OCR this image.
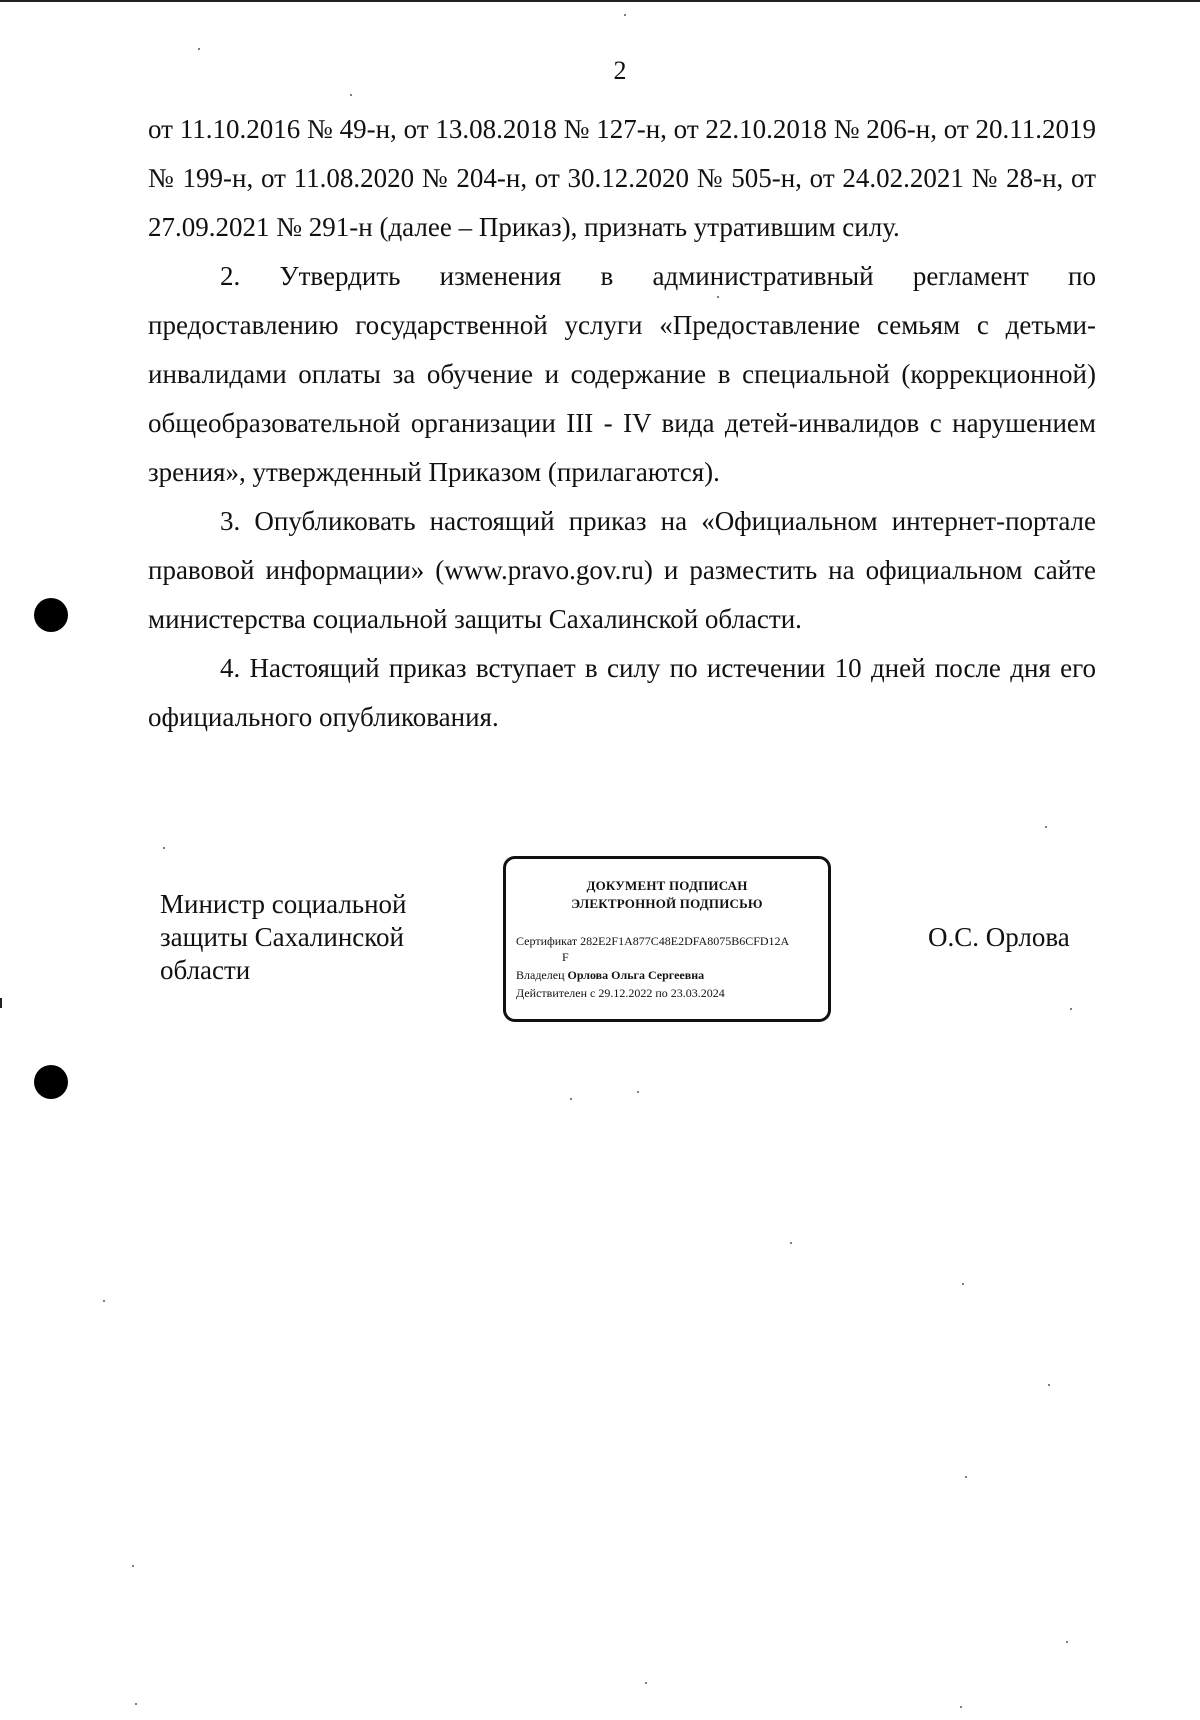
2

от 11.10.2016 № 49-н, от 13.08.2018 № 127-н, от 22.10.2018 № 206-н, от 20.11.2019 № 199-н, от 11.08.2020 № 204-н, от 30.12.2020 № 505-н, от 24.02.2021 № 28-н, от 27.09.2021 № 291-н (далее – Приказ), признать утратившим силу.

2. Утвердить изменения в административный регламент по предоставлению государственной услуги «Предоставление семьям с детьми-инвалидами оплаты за обучение и содержание в специальной (коррекционной) общеобразовательной организации III - IV вида детей-инвалидов с нарушением зрения», утвержденный Приказом (прилагаются).

3. Опубликовать настоящий приказ на «Официальном интернет-портале правовой информации» (www.pravo.gov.ru) и разместить на официальном сайте министерства социальной защиты Сахалинской области.

4. Настоящий приказ вступает в силу по истечении 10 дней после дня его официального опубликования.

Министр социальной
защиты Сахалинской
области
ДОКУМЕНТ ПОДПИСАН
ЭЛЕКТРОННОЙ ПОДПИСЬЮ
Сертификат 282E2F1A877C48E2DFA8075B6CFD12A
F
Владелец Орлова Ольга Сергеевна
Действителен с 29.12.2022 по 23.03.2024
О.С. Орлова
